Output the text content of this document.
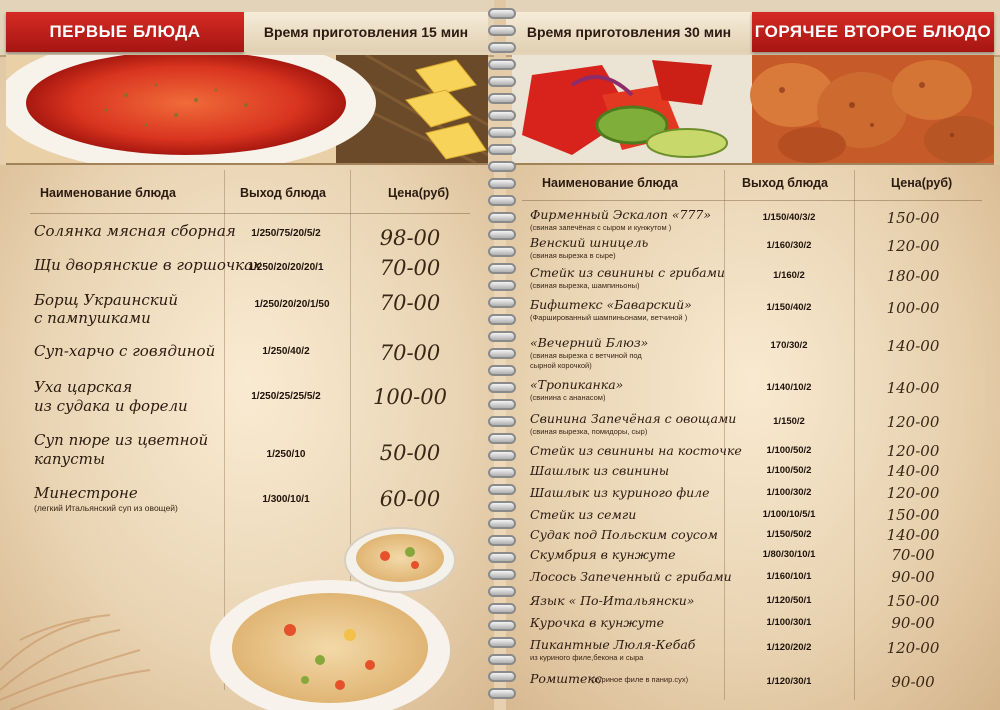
ПЕРВЫЕ БЛЮДА	Время приготовления 15 мин
Наименование блюда	Выход блюда	Цена(руб)
Солянка мясная сборная	1/250/75/20/5/2	98-00
Щи дворянские в горшочках
1/250/20/20/20/1	70-00
Борщ Украинский
с пампушками
1/250/20/20/1/50	70-00
Суп-харчо с говядиной	1/250/40/2	70-00
Уха царская
из судака и форели
1/250/25/25/5/2	100-00
Суп пюре из цветной
капусты	1/250/10	50-00
Минестроне
(легкий Итальянский суп из овощей)
1/300/10/1	60-00
Время приготовления 30 мин	ГОРЯЧЕЕ ВТОРОЕ БЛЮДО
Наименование блюда	Выход блюда	Цена(руб)
Фирменный Эскалоп «777»
(свиная запечёная с сыром и кунжутом )
1/150/40/3/2	150-00
Венский шницель
(свиная вырезка в сыре)
1/160/30/2	120-00
Стейк из свинины с грибами
(свиная вырезка, шампиньоны)
1/160/2	180-00
Бифштекс «Баварский»
(Фаршированный шампиньонами, ветчиной )
1/150/40/2	100-00
«Вечерний Блюз»
(свиная вырезка с ветчиной под
сырной корочкой)
170/30/2	140-00
«Тропиканка»
(свинина с ананасом)
1/140/10/2	140-00
Свинина Запечёная с овощами
(свиная вырезка, помидоры, сыр)
1/150/2	120-00
Стейк из свинины на косточке	1/100/50/2	120-00
Шашлык из свинины	1/100/50/2	140-00
Шашлык из куриного филе	1/100/30/2	120-00
Стейк из семги	1/100/10/5/1	150-00
Судак под Польским соусом	1/150/50/2	140-00
Скумбрия в кунжуте	1/80/30/10/1	70-00
Лосось Запеченный с грибами	1/160/10/1	90-00
Язык « По-Итальянски»	1/120/50/1	150-00
Курочка в кунжуте	1/100/30/1	90-00
Пикантные Люля-Кебаб
из куриного филе,бекона и сыра
1/120/20/2	120-00
Ромштекс
(куриное филе в панир.сух)	1/120/30/1	90-00
